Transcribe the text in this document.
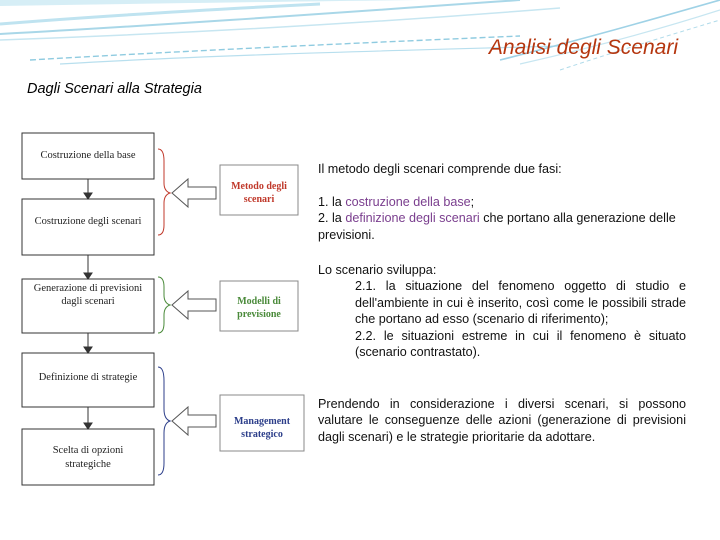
Analisi degli Scenari
Dagli Scenari alla Strategia
Costruzione della base
Costruzione degli scenari
Generazione di previsioni
dagli scenari
Definizione di strategie
Scelta di opzioni
strategiche
Metodo degli
scenari
Modelli di
previsione
Management
strategico
Il metodo degli scenari comprende due fasi:
1. la costruzione della base;
2. la definizione degli scenari che portano alla generazione delle previsioni.
Lo scenario sviluppa:
2.1. la situazione del fenomeno oggetto di studio e dell'ambiente in cui è inserito, così come le possibili strade che portano ad esso (scenario di riferimento);
2.2. le situazioni estreme in cui il fenomeno è situato (scenario contrastato).
Prendendo in considerazione i diversi scenari, si possono valutare le conseguenze delle azioni (generazione di previsioni dagli scenari) e le strategie prioritarie da adottare.
